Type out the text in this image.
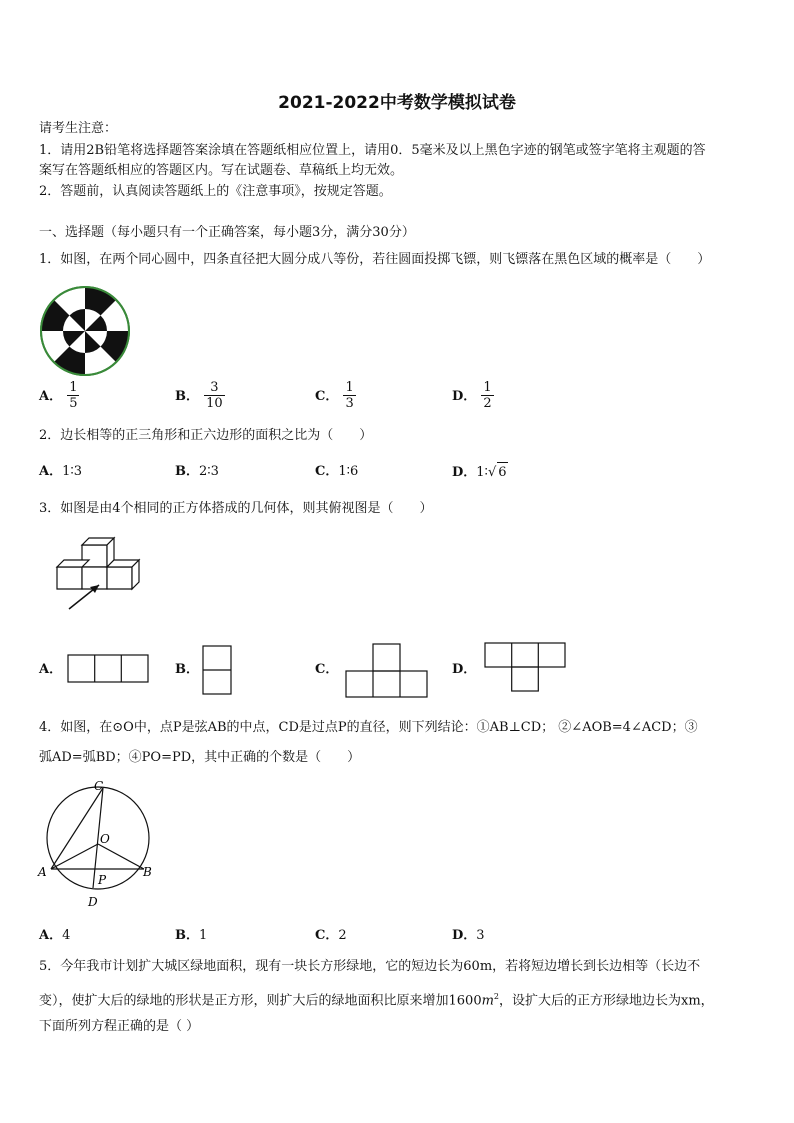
2021-2022中考数学模拟试卷
请考生注意：
1．请用2B铅笔将选择题答案涂填在答题纸相应位置上，请用0．5毫米及以上黑色字迹的钢笔或签字笔将主观题的答
案写在答题纸相应的答题区内。写在试题卷、草稿纸上均无效。
2．答题前，认真阅读答题纸上的《注意事项》，按规定答题。
一、选择题（每小题只有一个正确答案，每小题3分，满分30分）
1．如图，在两个同心圆中，四条直径把大圆分成八等份，若往圆面投掷飞镖，则飞镖落在黑色区域的概率是（　　）
A． $\frac{1}{5}$	B． $\frac{3}{10}$	C． $\frac{1}{3}$	D． $\frac{1}{2}$
2．边长相等的正三角形和正六边形的面积之比为（　　）
A．1∶3	B．2∶3	C．1∶6	D．1∶√ 6
3．如图是由4个相同的正方体搭成的几何体，则其俯视图是（　　）
A．	B．	C．	D．
4．如图，在⊙O中，点P是弦AB的中点，CD是过点P的直径，则下列结论：①AB⊥CD； ②∠AOB=4∠ACD；③
弧AD=弧BD；④PO=PD，其中正确的个数是（　　）
C
O
A	B
P
D
A．4	B．1	C．2	D．3
5．今年我市计划扩大城区绿地面积，现有一块长方形绿地，它的短边长为60m，若将短边增长到长边相等（长边不
变），使扩大后的绿地的形状是正方形，则扩大后的绿地面积比原来增加$1600m^2$，设扩大后的正方形绿地边长为xm，
下面所列方程正确的是（ ）
